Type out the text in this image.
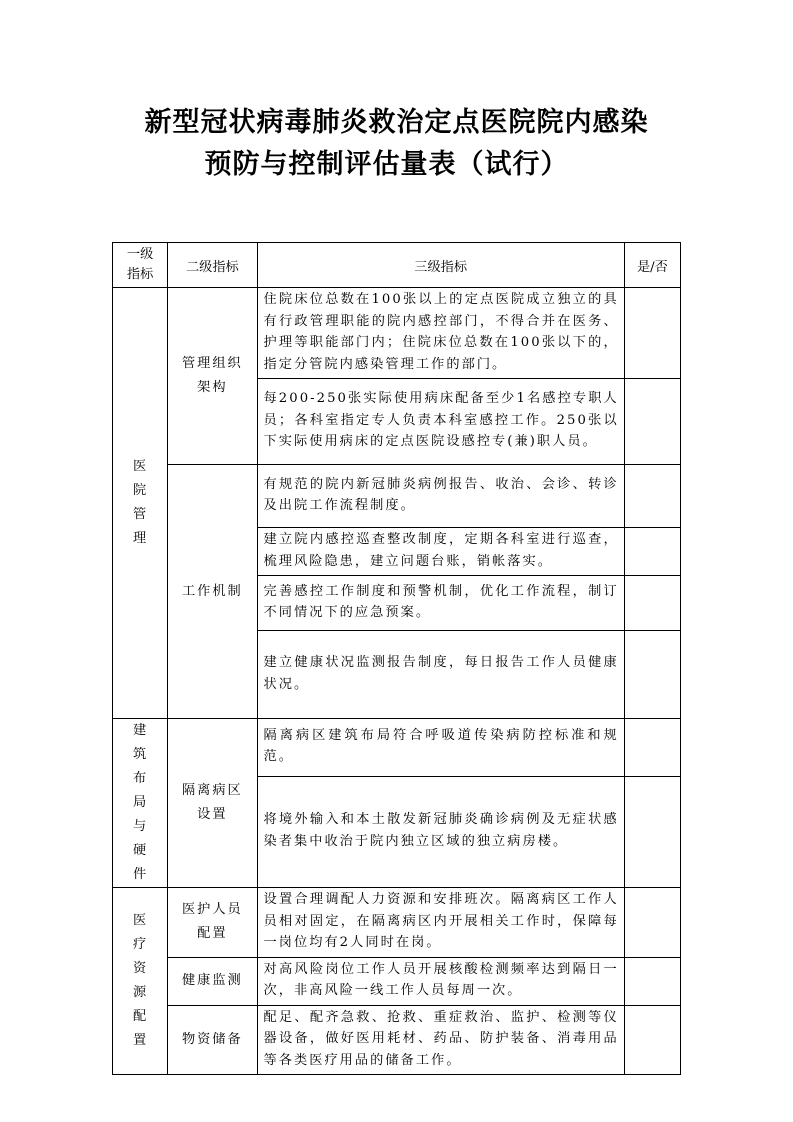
新型冠状病毒肺炎救治定点医院院内感染
预防与控制评估量表（试行）
一级指标	二级指标	三级指标	是/否
医院管理	管理组织架构	住院床位总数在100张以上的定点医院成立独立的具有行政管理职能的院内感控部门，不得合并在医务、护理等职能部门内；住院床位总数在100张以下的，指定分管院内感染管理工作的部门。	
		每200-250张实际使用病床配备至少1名感控专职人员；各科室指定专人负责本科室感控工作。250张以下实际使用病床的定点医院设感控专(兼)职人员。	
	工作机制	有规范的院内新冠肺炎病例报告、收治、会诊、转诊及出院工作流程制度。	
		建立院内感控巡查整改制度，定期各科室进行巡查，梳理风险隐患，建立问题台账，销帐落实。	
		完善感控工作制度和预警机制，优化工作流程，制订不同情况下的应急预案。	
		建立健康状况监测报告制度，每日报告工作人员健康状况。	
建筑布局与硬件	隔离病区设置	隔离病区建筑布局符合呼吸道传染病防控标准和规范。	
		将境外输入和本土散发新冠肺炎确诊病例及无症状感染者集中收治于院内独立区域的独立病房楼。	
医疗资源配置	医护人员配置	设置合理调配人力资源和安排班次。隔离病区工作人员相对固定，在隔离病区内开展相关工作时，保障每一岗位均有2人同时在岗。	
	健康监测	对高风险岗位工作人员开展核酸检测频率达到隔日一次，非高风险一线工作人员每周一次。	
	物资储备	配足、配齐急救、抢救、重症救治、监护、检测等仪器设备，做好医用耗材、药品、防护装备、消毒用品等各类医疗用品的储备工作。	
